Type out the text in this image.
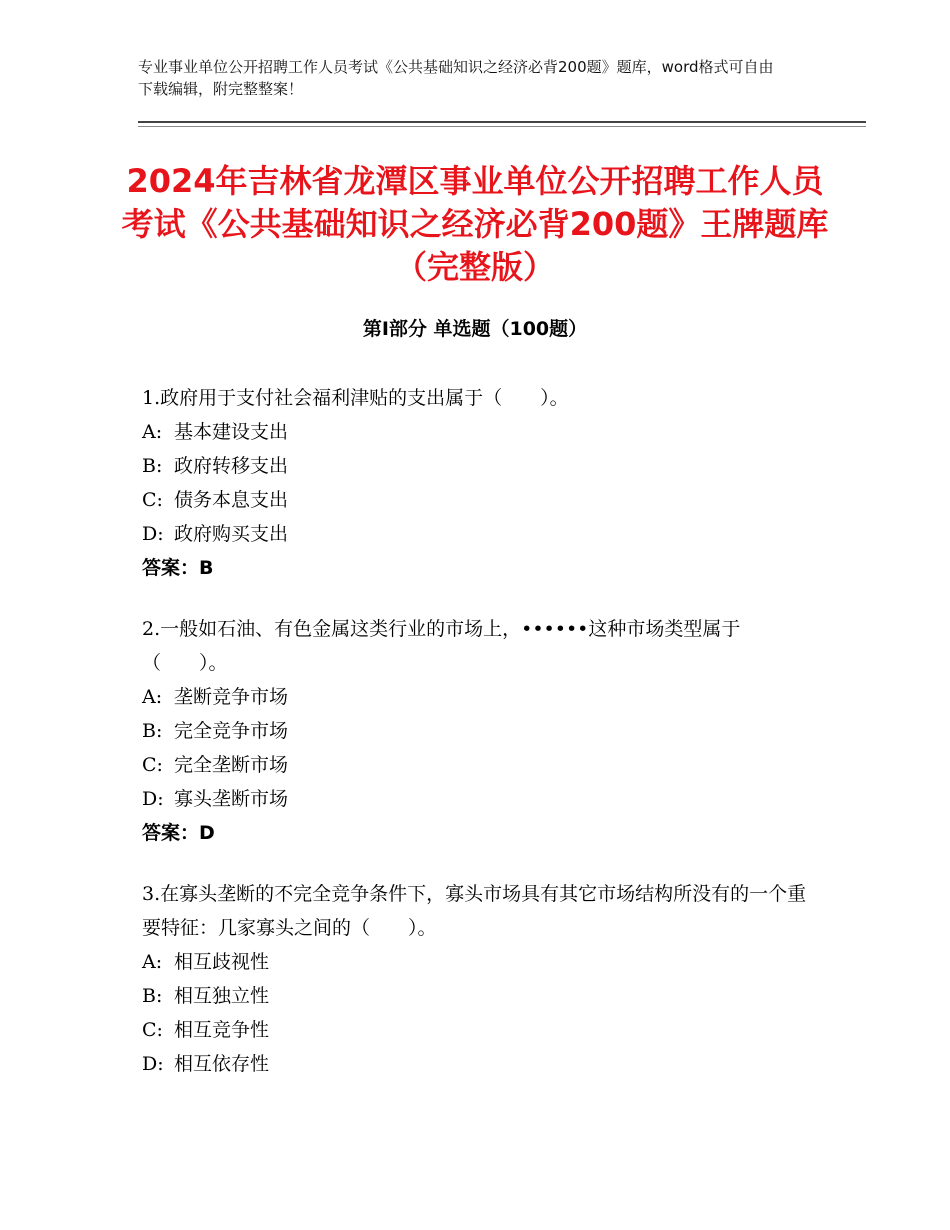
专业事业单位公开招聘工作人员考试《公共基础知识之经济必背200题》题库，word格式可自由下载编辑，附完整整案！
2024年吉林省龙潭区事业单位公开招聘工作人员考试《公共基础知识之经济必背200题》王牌题库（完整版）
第Ⅰ部分 单选题（100题）

1.政府用于支付社会福利津贴的支出属于（　　）。

A: 基本建设支出

B: 政府转移支出

C: 债务本息支出

D: 政府购买支出

答案：B

2.一般如石油、有色金属这类行业的市场上，••••••这种市场类型属于（　　）。

A: 垄断竞争市场

B: 完全竞争市场

C: 完全垄断市场

D: 寡头垄断市场

答案：D

3.在寡头垄断的不完全竞争条件下，寡头市场具有其它市场结构所没有的一个重要特征：几家寡头之间的（　　）。

A: 相互歧视性

B: 相互独立性

C: 相互竞争性

D: 相互依存性
